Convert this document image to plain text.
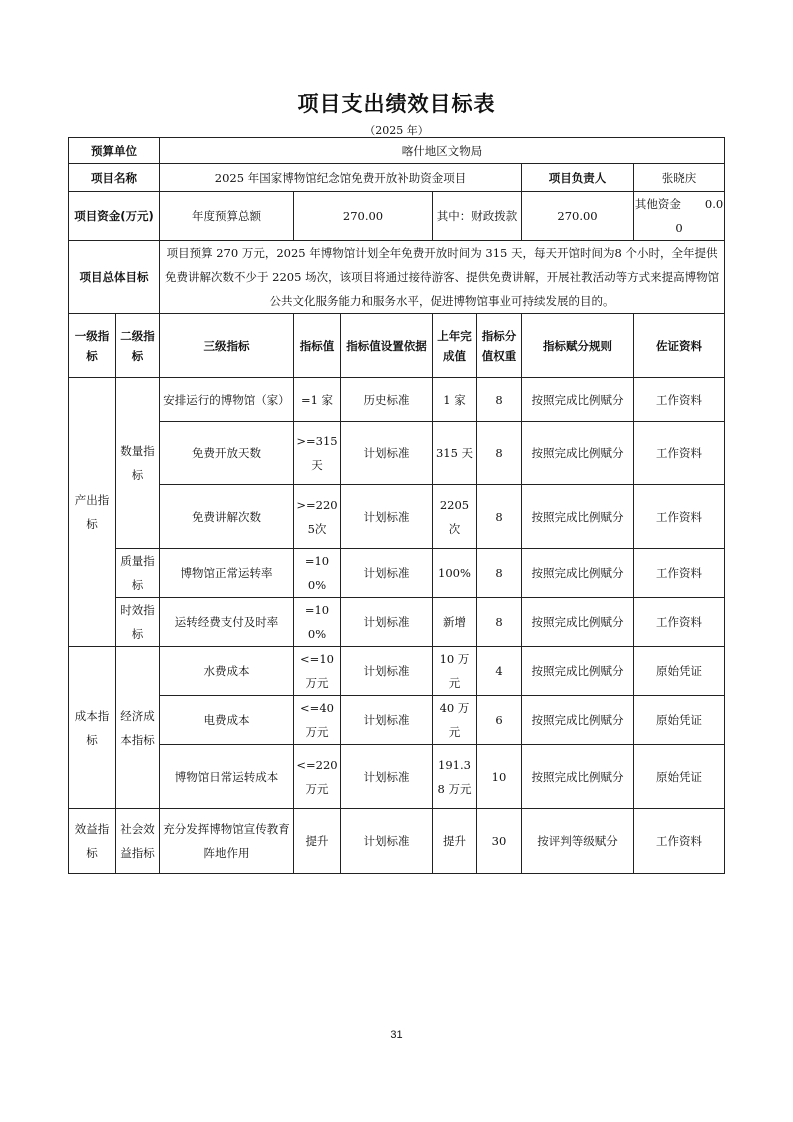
项目支出绩效目标表
（2025 年）
预算单位		喀什地区文物局						
项目名称		2025 年国家博物馆纪念馆免费开放补助资金项目					项目负责人	张晓庆
项目资金(万元)		年度预算总额	270.00		其中：财政拨款		270.00	其他资金 0.00
项目总体目标		项目预算 270 万元，2025 年博物馆计划全年免费开放时间为 315 天，每天开馆时间为8 个小时，全年提供免费讲解次数不少于 2205 场次，该项目将通过接待游客、提供免费讲解，开展社教活动等方式来提高博物馆公共文化服务能力和服务水平，促进博物馆事业可持续发展的目的。						
一级指标	二级指标	三级指标	指标值	指标值设置依据	上年完成值	指标分值权重	指标赋分规则	佐证资料
产出指标	数量指标	安排运行的博物馆（家）	=1 家	历史标准	1 家	8	按照完成比例赋分	工作资料
		免费开放天数	>=315天	计划标准	315 天	8	按照完成比例赋分	工作资料
		免费讲解次数	>=2205次	计划标准	2205次	8	按照完成比例赋分	工作资料
	质量指标	博物馆正常运转率	=100%	计划标准	100%	8	按照完成比例赋分	工作资料
	时效指标	运转经费支付及时率	=100%	计划标准	新增	8	按照完成比例赋分	工作资料
成本指标	经济成本指标	水费成本	<=10万元	计划标准	10 万元	4	按照完成比例赋分	原始凭证
		电费成本	<=40万元	计划标准	40 万元	6	按照完成比例赋分	原始凭证
		博物馆日常运转成本	<=220万元	计划标准	191.38 万元	10	按照完成比例赋分	原始凭证
效益指标	社会效益指标	充分发挥博物馆宣传教育阵地作用	提升	计划标准	提升	30	按评判等级赋分	工作资料
31
